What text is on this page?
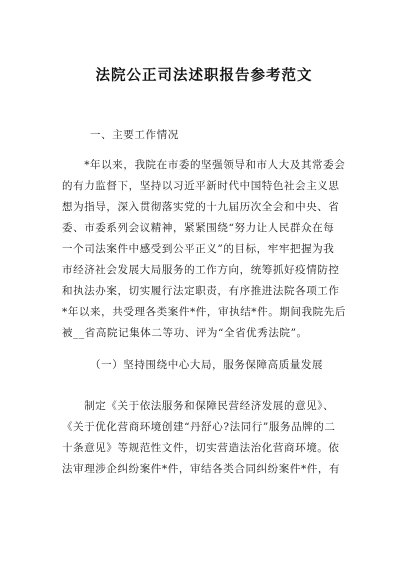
法院公正司法述职报告参考范文

一、主要工作情况

　　*年以来，我院在市委的坚强领导和市人大及其常委会
的有力监督下，坚持以习近平新时代中国特色社会主义思
想为指导，深入贯彻落实党的十九届历次全会和中央、省
委、市委系列会议精神，紧紧围绕“努力让人民群众在每
一个司法案件中感受到公平正义”的目标，牢牢把握为我
市经济社会发展大局服务的工作方向，统筹抓好疫情防控
和执法办案，切实履行法定职责，有序推进法院各项工作
*年以来，共受理各类案件*件，审执结*件。期间我院先后
被__省高院记集体二等功、评为“全省优秀法院”。

（一）坚持围绕中心大局，服务保障高质量发展

　　制定《关于依法服务和保障民营经济发展的意见》、
《关于优化营商环境创建“丹舒心?法同行”服务品牌的二
十条意见》等规范性文件，切实营造法治化营商环境。依
法审理涉企纠纷案件*件，审结各类合同纠纷案件*件，有
